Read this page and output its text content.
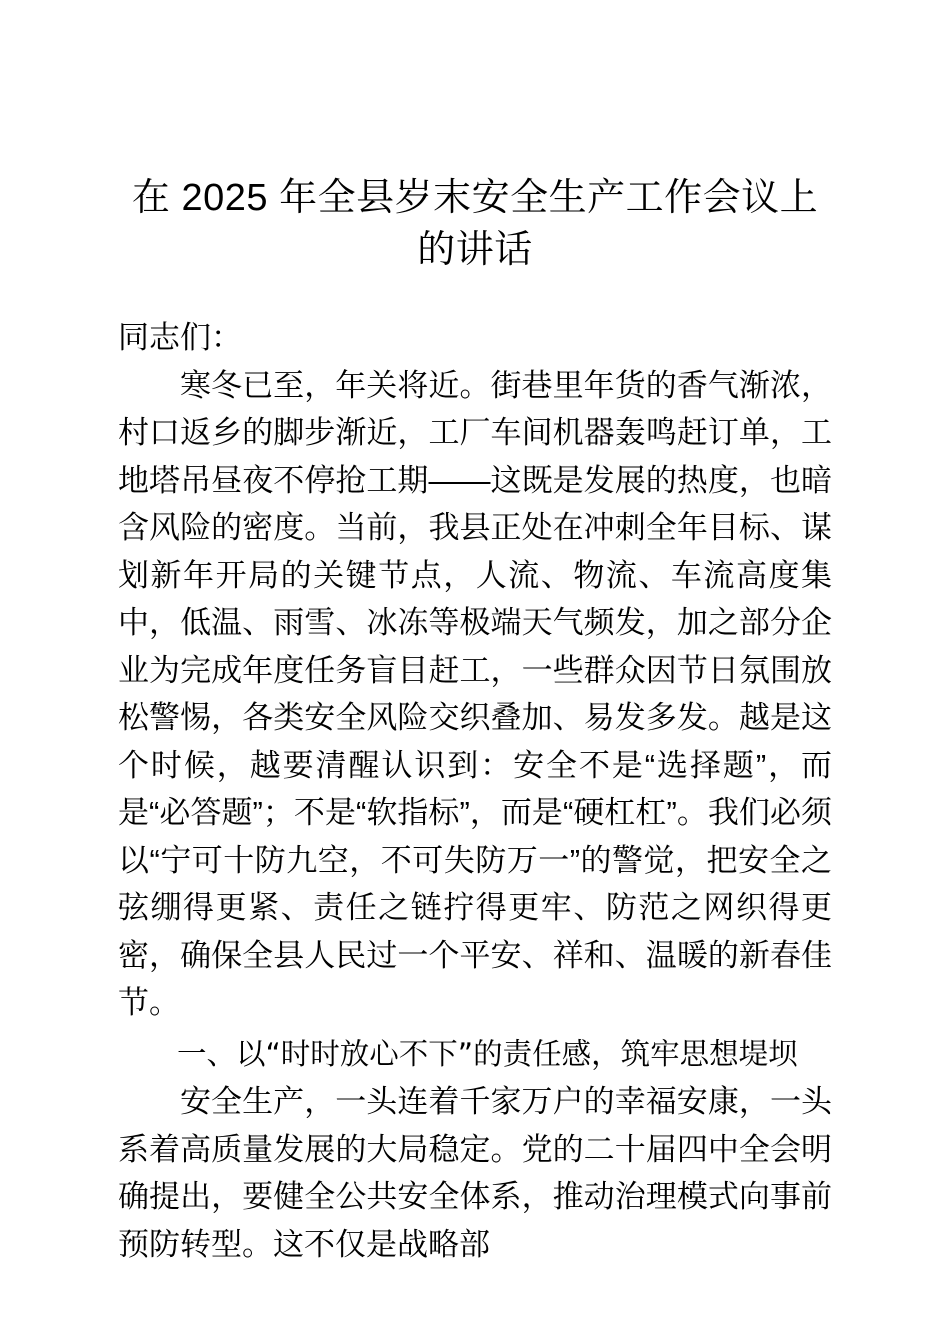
在 2025 年全县岁末安全生产工作会议上的讲话

同志们：

寒冬已至，年关将近。街巷里年货的香气渐浓，村口返乡的脚步渐近，工厂车间机器轰鸣赶订单，工地塔吊昼夜不停抢工期——这既是发展的热度，也暗含风险的密度。当前，我县正处在冲刺全年目标、谋划新年开局的关键节点，人流、物流、车流高度集中，低温、雨雪、冰冻等极端天气频发，加之部分企业为完成年度任务盲目赶工，一些群众因节日氛围放松警惕，各类安全风险交织叠加、易发多发。越是这个时候，越要清醒认识到：安全不是“选择题”，而是“必答题”；不是“软指标”，而是“硬杠杠”。我们必须以“宁可十防九空，不可失防万一”的警觉，把安全之弦绷得更紧、责任之链拧得更牢、防范之网织得更密，确保全县人民过一个平安、祥和、温暖的新春佳节。

一、以“时时放心不下”的责任感，筑牢思想堤坝

安全生产，一头连着千家万户的幸福安康，一头系着高质量发展的大局稳定。党的二十届四中全会明确提出，要健全公共安全体系，推动治理模式向事前预防转型。这不仅是战略部
